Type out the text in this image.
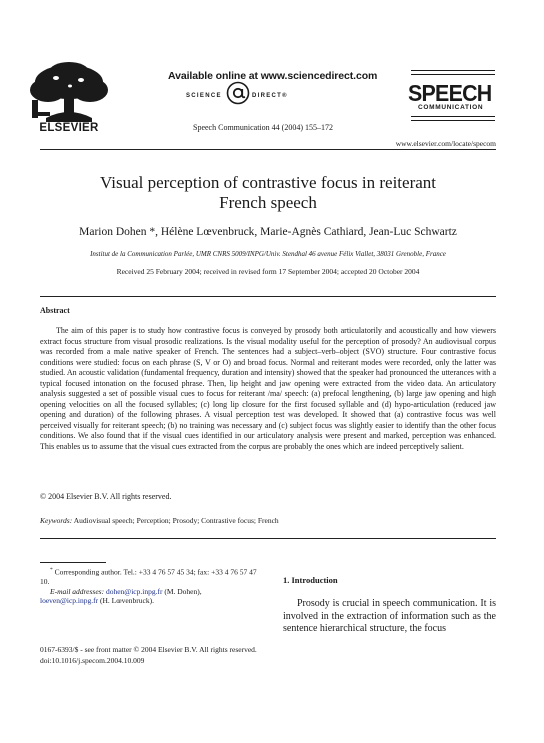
ELSEVIER
Available online at www.sciencedirect.com
SCIENCE	DIRECT®
Speech Communication 44 (2004) 155–172
SPEECH
COMMUNICATION
www.elsevier.com/locate/specom
Visual perception of contrastive focus in reiterant
French speech
Marion Dohen *, Hélène Lœvenbruck, Marie-Agnès Cathiard, Jean-Luc Schwartz
Institut de la Communication Parlée, UMR CNRS 5009/INPG/Univ. Stendhal 46 avenue Félix Viallet, 38031 Grenoble, France
Received 25 February 2004; received in revised form 17 September 2004; accepted 20 October 2004
Abstract

The aim of this paper is to study how contrastive focus is conveyed by prosody both articulatorily and acoustically and how viewers extract focus structure from visual prosodic realizations. Is the visual modality useful for the perception of prosody? An audiovisual corpus was recorded from a male native speaker of French. The sentences had a subject–verb–object (SVO) structure. Four contrastive focus conditions were studied: focus on each phrase (S, V or O) and broad focus. Normal and reiterant modes were recorded, only the latter was studied. An acoustic validation (fundamental frequency, duration and intensity) showed that the speaker had pronounced the utterances with a typical focused intonation on the focused phrase. Then, lip height and jaw opening were extracted from the video data. An articulatory analysis suggested a set of possible visual cues to focus for reiterant /ma/ speech: (a) prefocal lengthening, (b) large jaw opening and high opening velocities on all the focused syllables; (c) long lip closure for the first focused syllable and (d) hypo-articulation (reduced jaw opening and duration) of the following phrases. A visual perception test was developed. It showed that (a) contrastive focus was well perceived visually for reiterant speech; (b) no training was necessary and (c) subject focus was slightly easier to identify than the other focus conditions. We also found that if the visual cues identified in our articulatory analysis were present and marked, perception was enhanced. This enables us to assume that the visual cues extracted from the corpus are probably the ones which are indeed perceptively salient.

© 2004 Elsevier B.V. All rights reserved.
Keywords: Audiovisual speech; Perception; Prosody; Contrastive focus; French

* Corresponding author. Tel.: +33 4 76 57 45 34; fax: +33 4 76 57 47 10.

E-mail addresses: dohen@icp.inpg.fr (M. Dohen), loeven@icp.inpg.fr (H. Lœvenbruck).

0167-6393/$ - see front matter © 2004 Elsevier B.V. All rights reserved.
doi:10.1016/j.specom.2004.10.009
1. Introduction

Prosody is crucial in speech communication. It is involved in the extraction of information such as the sentence hierarchical structure, the focus
